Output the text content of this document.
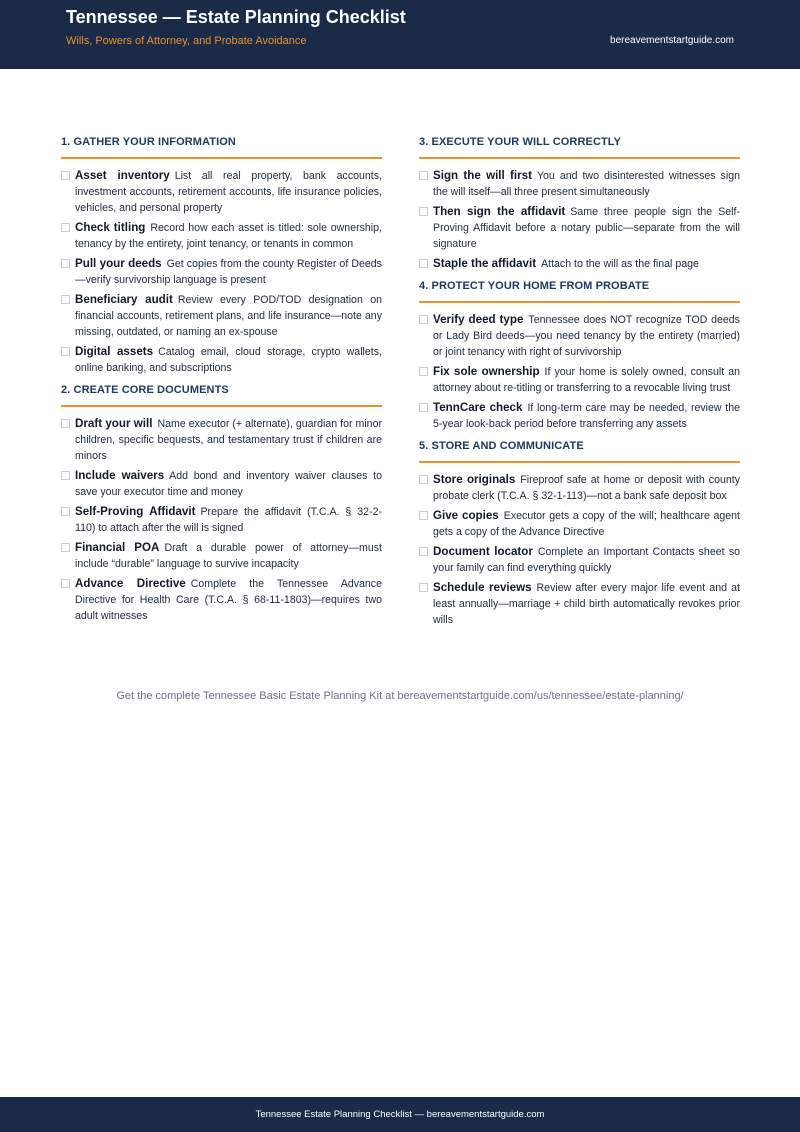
Tennessee — Estate Planning Checklist
Wills, Powers of Attorney, and Probate Avoidance	bereavementstartguide.com
1. GATHER YOUR INFORMATION
Asset inventory List all real property, bank accounts, investment accounts, retirement accounts, life insurance policies, vehicles, and personal property
Check titling Record how each asset is titled: sole ownership, tenancy by the entirety, joint tenancy, or tenants in common
Pull your deeds Get copies from the county Register of Deeds—verify survivorship language is present
Beneficiary audit Review every POD/TOD designation on financial accounts, retirement plans, and life insurance—note any missing, outdated, or naming an ex-spouse
Digital assets Catalog email, cloud storage, crypto wallets, online banking, and subscriptions
2. CREATE CORE DOCUMENTS
Draft your will Name executor (+ alternate), guardian for minor children, specific bequests, and testamentary trust if children are minors
Include waivers Add bond and inventory waiver clauses to save your executor time and money
Self-Proving Affidavit Prepare the affidavit (T.C.A. § 32-2-110) to attach after the will is signed
Financial POA Draft a durable power of attorney—must include “durable” language to survive incapacity
Advance Directive Complete the Tennessee Advance Directive for Health Care (T.C.A. § 68-11-1803)—requires two adult witnesses
3. EXECUTE YOUR WILL CORRECTLY
Sign the will first You and two disinterested witnesses sign the will itself—all three present simultaneously
Then sign the affidavit Same three people sign the Self-Proving Affidavit before a notary public—separate from the will signature
Staple the affidavit Attach to the will as the final page
4. PROTECT YOUR HOME FROM PROBATE
Verify deed type Tennessee does NOT recognize TOD deeds or Lady Bird deeds—you need tenancy by the entirety (married) or joint tenancy with right of survivorship
Fix sole ownership If your home is solely owned, consult an attorney about re-titling or transferring to a revocable living trust
TennCare check If long-term care may be needed, review the 5-year look-back period before transferring any assets
5. STORE AND COMMUNICATE
Store originals Fireproof safe at home or deposit with county probate clerk (T.C.A. § 32-1-113)—not a bank safe deposit box
Give copies Executor gets a copy of the will; healthcare agent gets a copy of the Advance Directive
Document locator Complete an Important Contacts sheet so your family can find everything quickly
Schedule reviews Review after every major life event and at least annually—marriage + child birth automatically revokes prior wills
Get the complete Tennessee Basic Estate Planning Kit at bereavementstartguide.com/us/tennessee/estate-planning/
Tennessee Estate Planning Checklist — bereavementstartguide.com
